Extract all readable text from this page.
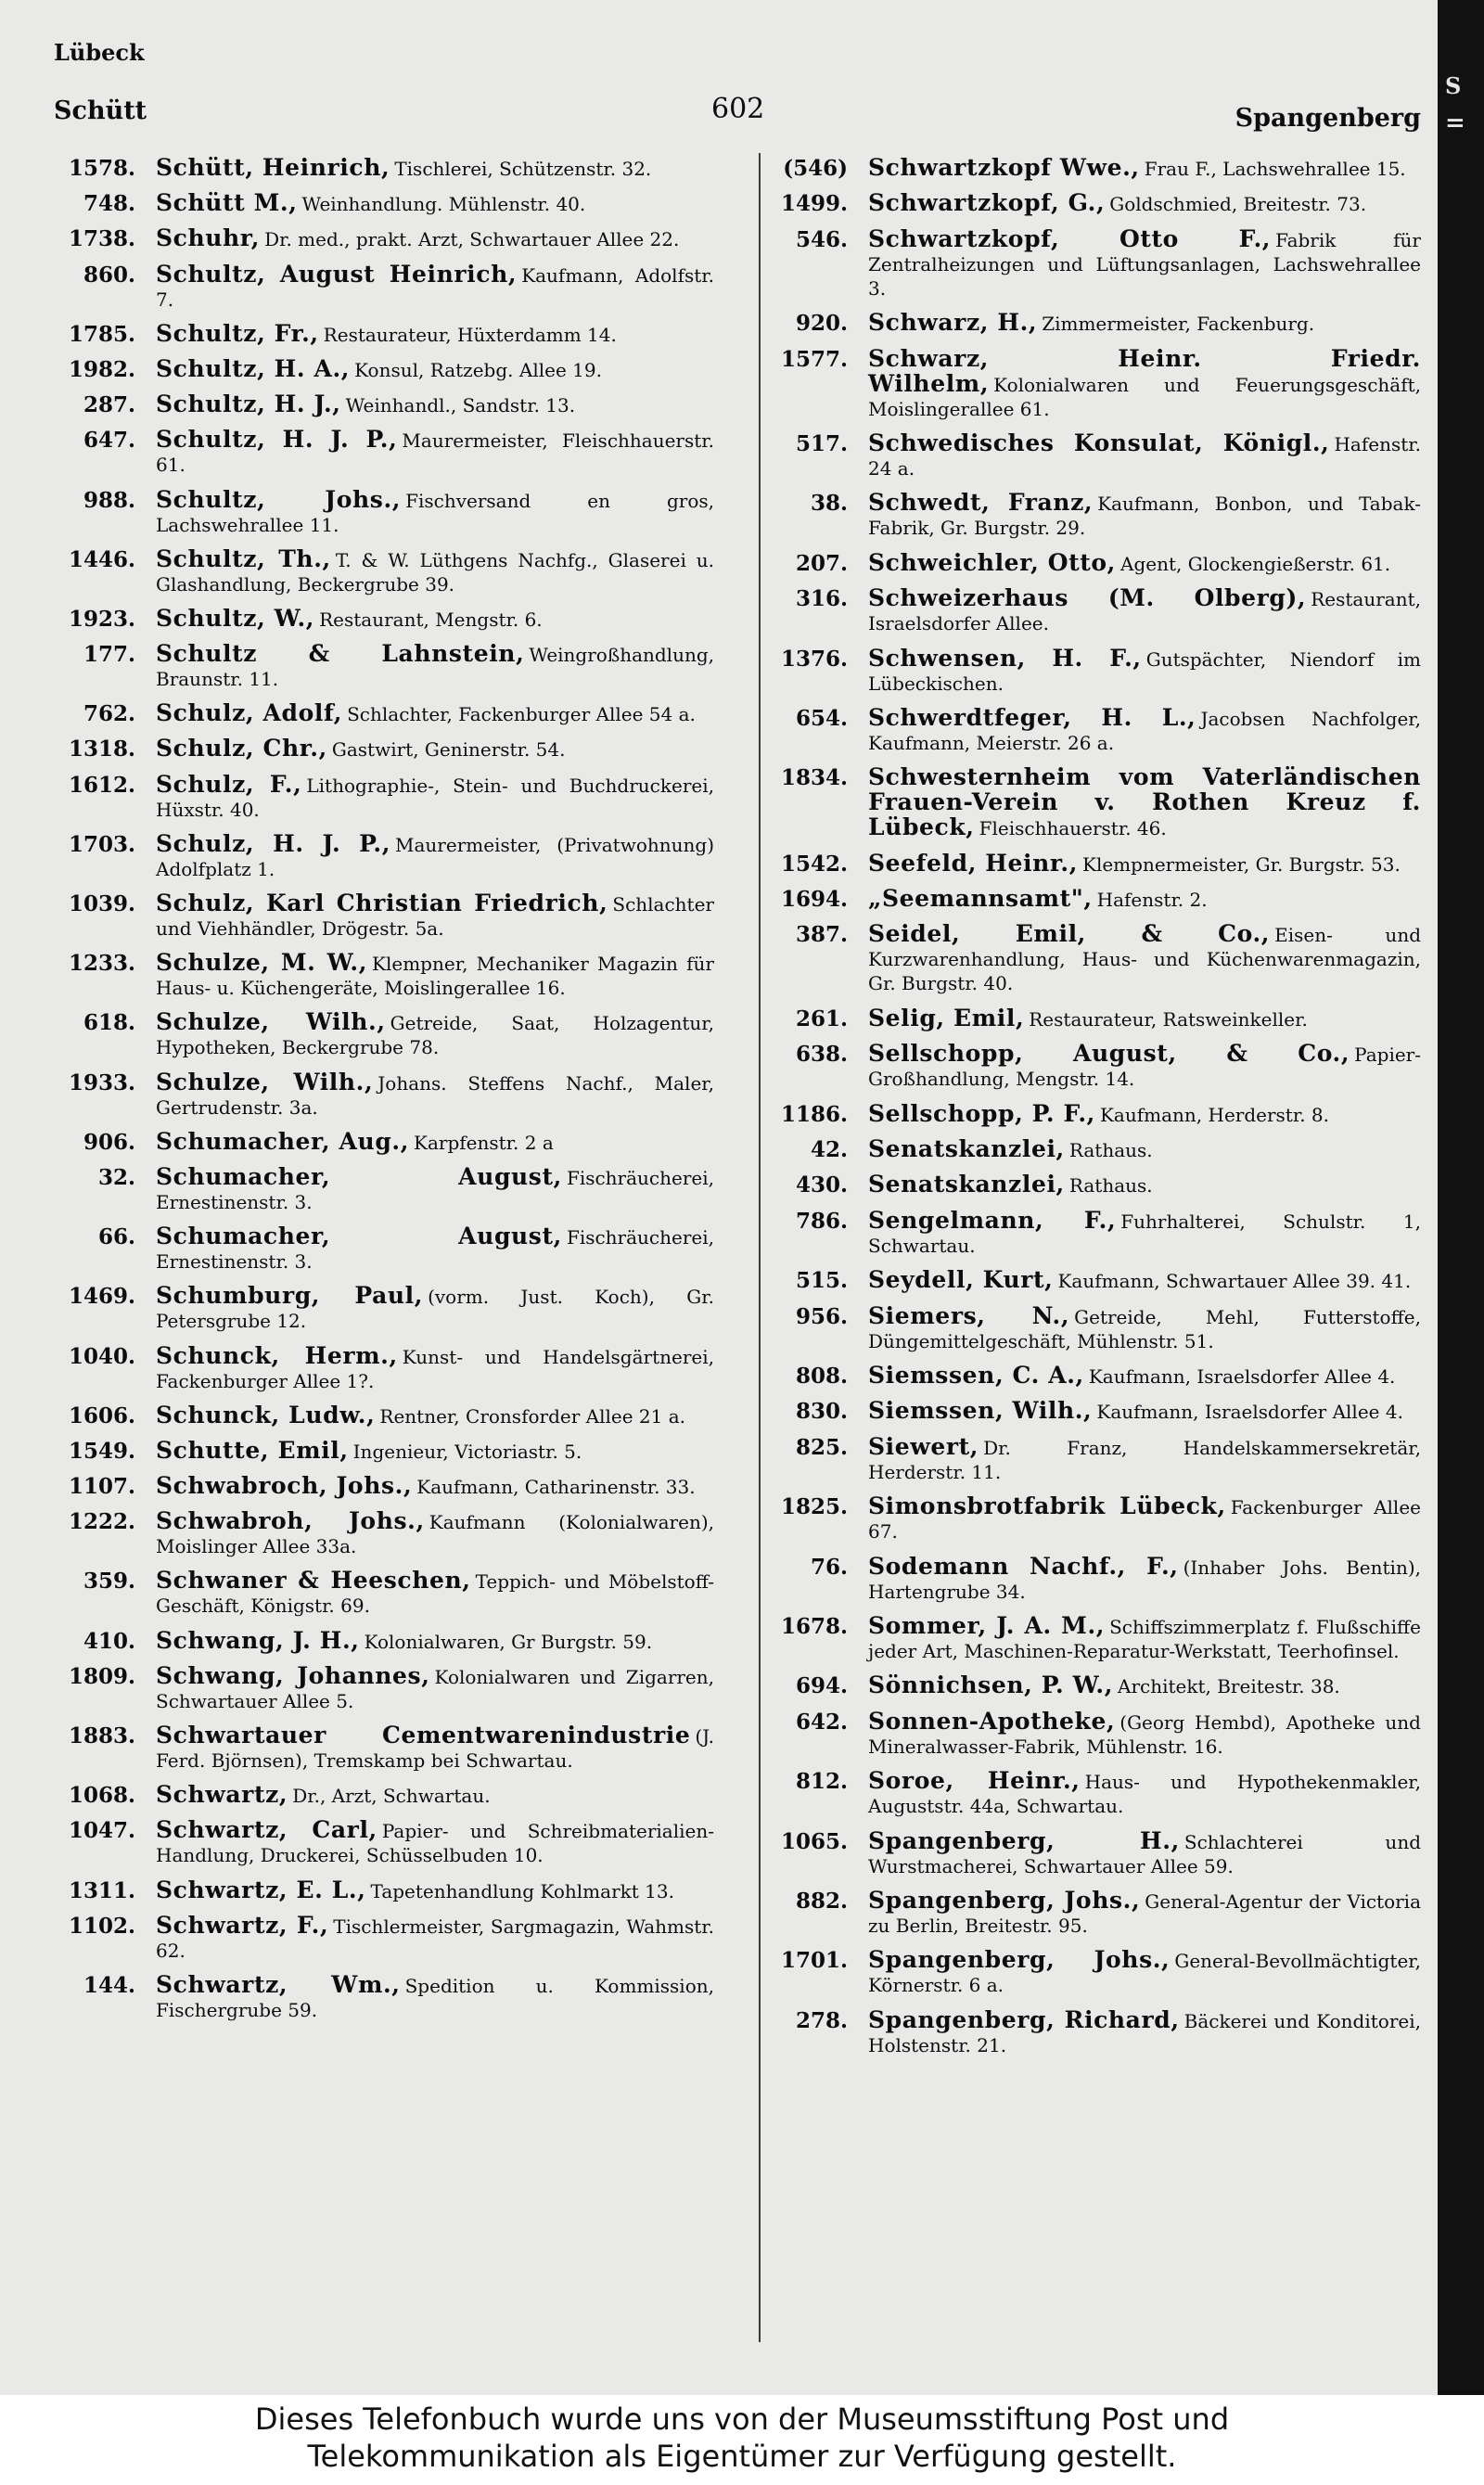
Lübeck
Schütt	602	Spangenberg
1578. Schütt, Heinrich, Tischlerei, Schützenstr. 32.
748. Schütt M., Weinhandlung. Mühlenstr. 40.
1738. Schuhr, Dr. med., prakt. Arzt, Schwartauer Allee 22.
860. Schultz, August Heinrich, Kaufmann, Adolfstr. 7.
1785. Schultz, Fr., Restaurateur, Hüxterdamm 14.
1982. Schultz, H. A., Konsul, Ratzebg. Allee 19.
287. Schultz, H. J., Weinhandl., Sandstr. 13.
647. Schultz, H. J. P., Maurermeister, Fleischhauerstr. 61.
988. Schultz, Johs., Fischversand en gros, Lachswehrallee 11.
1446. Schultz, Th., T. & W. Lüthgens Nachfg., Glaserei u. Glashandlung, Beckergrube 39.
1923. Schultz, W., Restaurant, Mengstr. 6.
177. Schultz & Lahnstein, Weingroßhandlung, Braunstr. 11.
762. Schulz, Adolf, Schlachter, Fackenburger Allee 54 a.
1318. Schulz, Chr., Gastwirt, Geninerstr. 54.
1612. Schulz, F., Lithographie-, Stein- und Buchdruckerei, Hüxstr. 40.
1703. Schulz, H. J. P., Maurermeister, (Privatwohnung) Adolfplatz 1.
1039. Schulz, Karl Christian Friedrich, Schlachter und Viehhändler, Drögestr. 5a.
1233. Schulze, M. W., Klempner, Mechaniker Magazin für Haus- u. Küchengeräte, Moislingerallee 16.
618. Schulze, Wilh., Getreide, Saat, Holzagentur, Hypotheken, Beckergrube 78.
1933. Schulze, Wilh., Johans. Steffens Nachf., Maler, Gertrudenstr. 3a.
906. Schumacher, Aug., Karpfenstr. 2 a
32. Schumacher, August, Fischräucherei, Ernestinenstr. 3.
66. Schumacher, August, Fischräucherei, Ernestinenstr. 3.
1469. Schumburg, Paul, (vorm. Just. Koch), Gr. Petersgrube 12.
1040. Schunck, Herm., Kunst- und Handelsgärtnerei, Fackenburger Allee 1?.
1606. Schunck, Ludw., Rentner, Cronsforder Allee 21 a.
1549. Schutte, Emil, Ingenieur, Victoriastr. 5.
1107. Schwabroch, Johs., Kaufmann, Catharinenstr. 33.
1222. Schwabroh, Johs., Kaufmann (Kolonialwaren), Moislinger Allee 33a.
359. Schwaner & Heeschen, Teppich- und Möbelstoff-Geschäft, Königstr. 69.
410. Schwang, J. H., Kolonialwaren, Gr Burgstr. 59.
1809. Schwang, Johannes, Kolonialwaren und Zigarren, Schwartauer Allee 5.
1883. Schwartauer Cementwarenindustrie (J. Ferd. Björnsen), Tremskamp bei Schwartau.
1068. Schwartz, Dr., Arzt, Schwartau.
1047. Schwartz, Carl, Papier- und Schreibmaterialien-Handlung, Druckerei, Schüsselbuden 10.
1311. Schwartz, E. L., Tapetenhandlung Kohlmarkt 13.
1102. Schwartz, F., Tischlermeister, Sargmagazin, Wahmstr. 62.
144. Schwartz, Wm., Spedition u. Kommission, Fischergrube 59.
(546) Schwartzkopf Wwe., Frau F., Lachswehrallee 15.
1499. Schwartzkopf, G., Goldschmied, Breitestr. 73.
546. Schwartzkopf, Otto F., Fabrik für Zentralheizungen und Lüftungsanlagen, Lachswehrallee 3.
920. Schwarz, H., Zimmermeister, Fackenburg.
1577. Schwarz, Heinr. Friedr. Wilhelm, Kolonialwaren und Feuerungsgeschäft, Moislingerallee 61.
517. Schwedisches Konsulat, Königl., Hafenstr. 24 a.
38. Schwedt, Franz, Kaufmann, Bonbon, und Tabak-Fabrik, Gr. Burgstr. 29.
207. Schweichler, Otto, Agent, Glockengießerstr. 61.
316. Schweizerhaus (M. Olberg), Restaurant, Israelsdorfer Allee.
1376. Schwensen, H. F., Gutspächter, Niendorf im Lübeckischen.
654. Schwerdtfeger, H. L., Jacobsen Nachfolger, Kaufmann, Meierstr. 26 a.
1834. Schwesternheim vom Vaterländischen Frauen-Verein v. Rothen Kreuz f. Lübeck, Fleischhauerstr. 46.
1542. Seefeld, Heinr., Klempnermeister, Gr. Burgstr. 53.
1694. „Seemannsamt", Hafenstr. 2.
387. Seidel, Emil, & Co., Eisen- und Kurzwarenhandlung, Haus- und Küchenwarenmagazin, Gr. Burgstr. 40.
261. Selig, Emil, Restaurateur, Ratsweinkeller.
638. Sellschopp, August, & Co., Papier-Großhandlung, Mengstr. 14.
1186. Sellschopp, P. F., Kaufmann, Herderstr. 8.
42. Senatskanzlei, Rathaus.
430. Senatskanzlei, Rathaus.
786. Sengelmann, F., Fuhrhalterei, Schulstr. 1, Schwartau.
515. Seydell, Kurt, Kaufmann, Schwartauer Allee 39. 41.
956. Siemers, N., Getreide, Mehl, Futterstoffe, Düngemittelgeschäft, Mühlenstr. 51.
808. Siemssen, C. A., Kaufmann, Israelsdorfer Allee 4.
830. Siemssen, Wilh., Kaufmann, Israelsdorfer Allee 4.
825. Siewert, Dr. Franz, Handelskammersekretär, Herderstr. 11.
1825. Simonsbrotfabrik Lübeck, Fackenburger Allee 67.
76. Sodemann Nachf., F., (Inhaber Johs. Bentin), Hartengrube 34.
1678. Sommer, J. A. M., Schiffszimmerplatz f. Flußschiffe jeder Art, Maschinen-Reparatur-Werkstatt, Teerhofinsel.
694. Sönnichsen, P. W., Architekt, Breitestr. 38.
642. Sonnen-Apotheke, (Georg Hembd), Apotheke und Mineralwasser-Fabrik, Mühlenstr. 16.
812. Soroe, Heinr., Haus- und Hypothekenmakler, Auguststr. 44a, Schwartau.
1065. Spangenberg, H., Schlachterei und Wurstmacherei, Schwartauer Allee 59.
882. Spangenberg, Johs., General-Agentur der Victoria zu Berlin, Breitestr. 95.
1701. Spangenberg, Johs., General-Bevollmächtigter, Körnerstr. 6 a.
278. Spangenberg, Richard, Bäckerei und Konditorei, Holstenstr. 21.
S
=
Dieses Telefonbuch wurde uns von der Museumsstiftung Post und
Telekommunikation als Eigentümer zur Verfügung gestellt.
